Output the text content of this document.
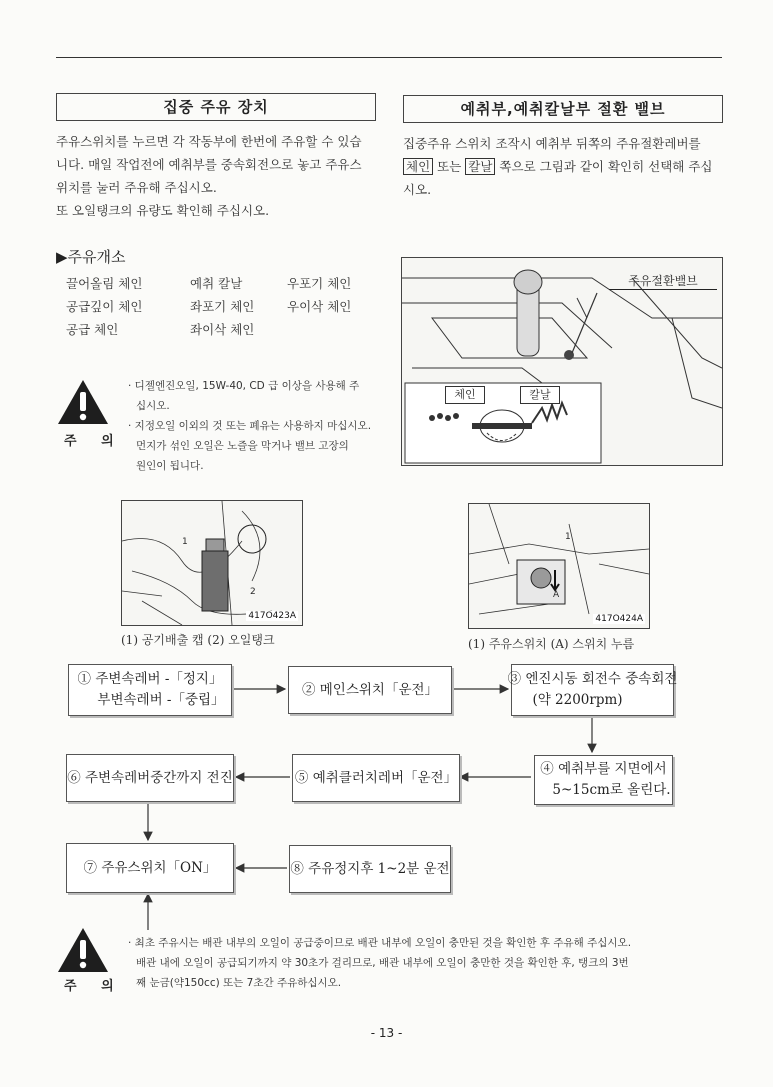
집중 주유 장치

주유스위치를 누르면 각 작동부에 한번에 주유할 수 있습

니다. 매일 작업전에 예취부를 중속회전으로 놓고 주유스

위치를 눌러 주유해 주십시오.

또 오일탱크의 유량도 확인해 주십시오.

▶주유개소
끌어올림 체인	예취 칼날	우포기 체인
공급깊이 체인	좌포기 체인	우이삭 체인
공급 체인	좌이삭 체인
주 의

· 디젤엔진오일, 15W-40, CD 급 이상을 사용해 주

십시오.

· 지정오일 이외의 것 또는 폐유는 사용하지 마십시오.

먼지가 섞인 오일은 노즐을 막거나 밸브 고장의

원인이 됩니다.

예취부,예취칼날부 절환 밸브

집중주유 스위치 조작시 예취부 뒤쪽의 주유절환레버를

체인 또는 칼날 쪽으로 그림과 같이 확인히 선택해 주십

시오.

체인	칼날
주유절환밸브
1
2
417O423A
(1) 공기배출 캡 (2) 오일탱크
1
A
417O424A
(1) 주유스위치 (A) 스위치 누름
① 주변속레버 -「정지」
부변속레버 -「중립」
② 메인스위치「운전」
③ 엔진시동 회전수 중속회전
(약 2200rpm)
④ 예취부를 지면에서
5~15cm로 올린다.
⑤ 예취클러치레버「운전」
⑥ 주변속레버중간까지 전진
⑦ 주유스위치「ON」	⑧ 주유정지후 1~2분 운전
주 의

· 최초 주유시는 배관 내부의 오일이 공급중이므로 배관 내부에 오일이 충만된 것을 확인한 후 주유해 주십시오.

배관 내에 오일이 공급되기까지 약 30초가 걸리므로, 배관 내부에 오일이 충만한 것을 확인한 후, 탱크의 3번

째 눈금(약150cc) 또는 7초간 주유하십시오.

- 13 -
